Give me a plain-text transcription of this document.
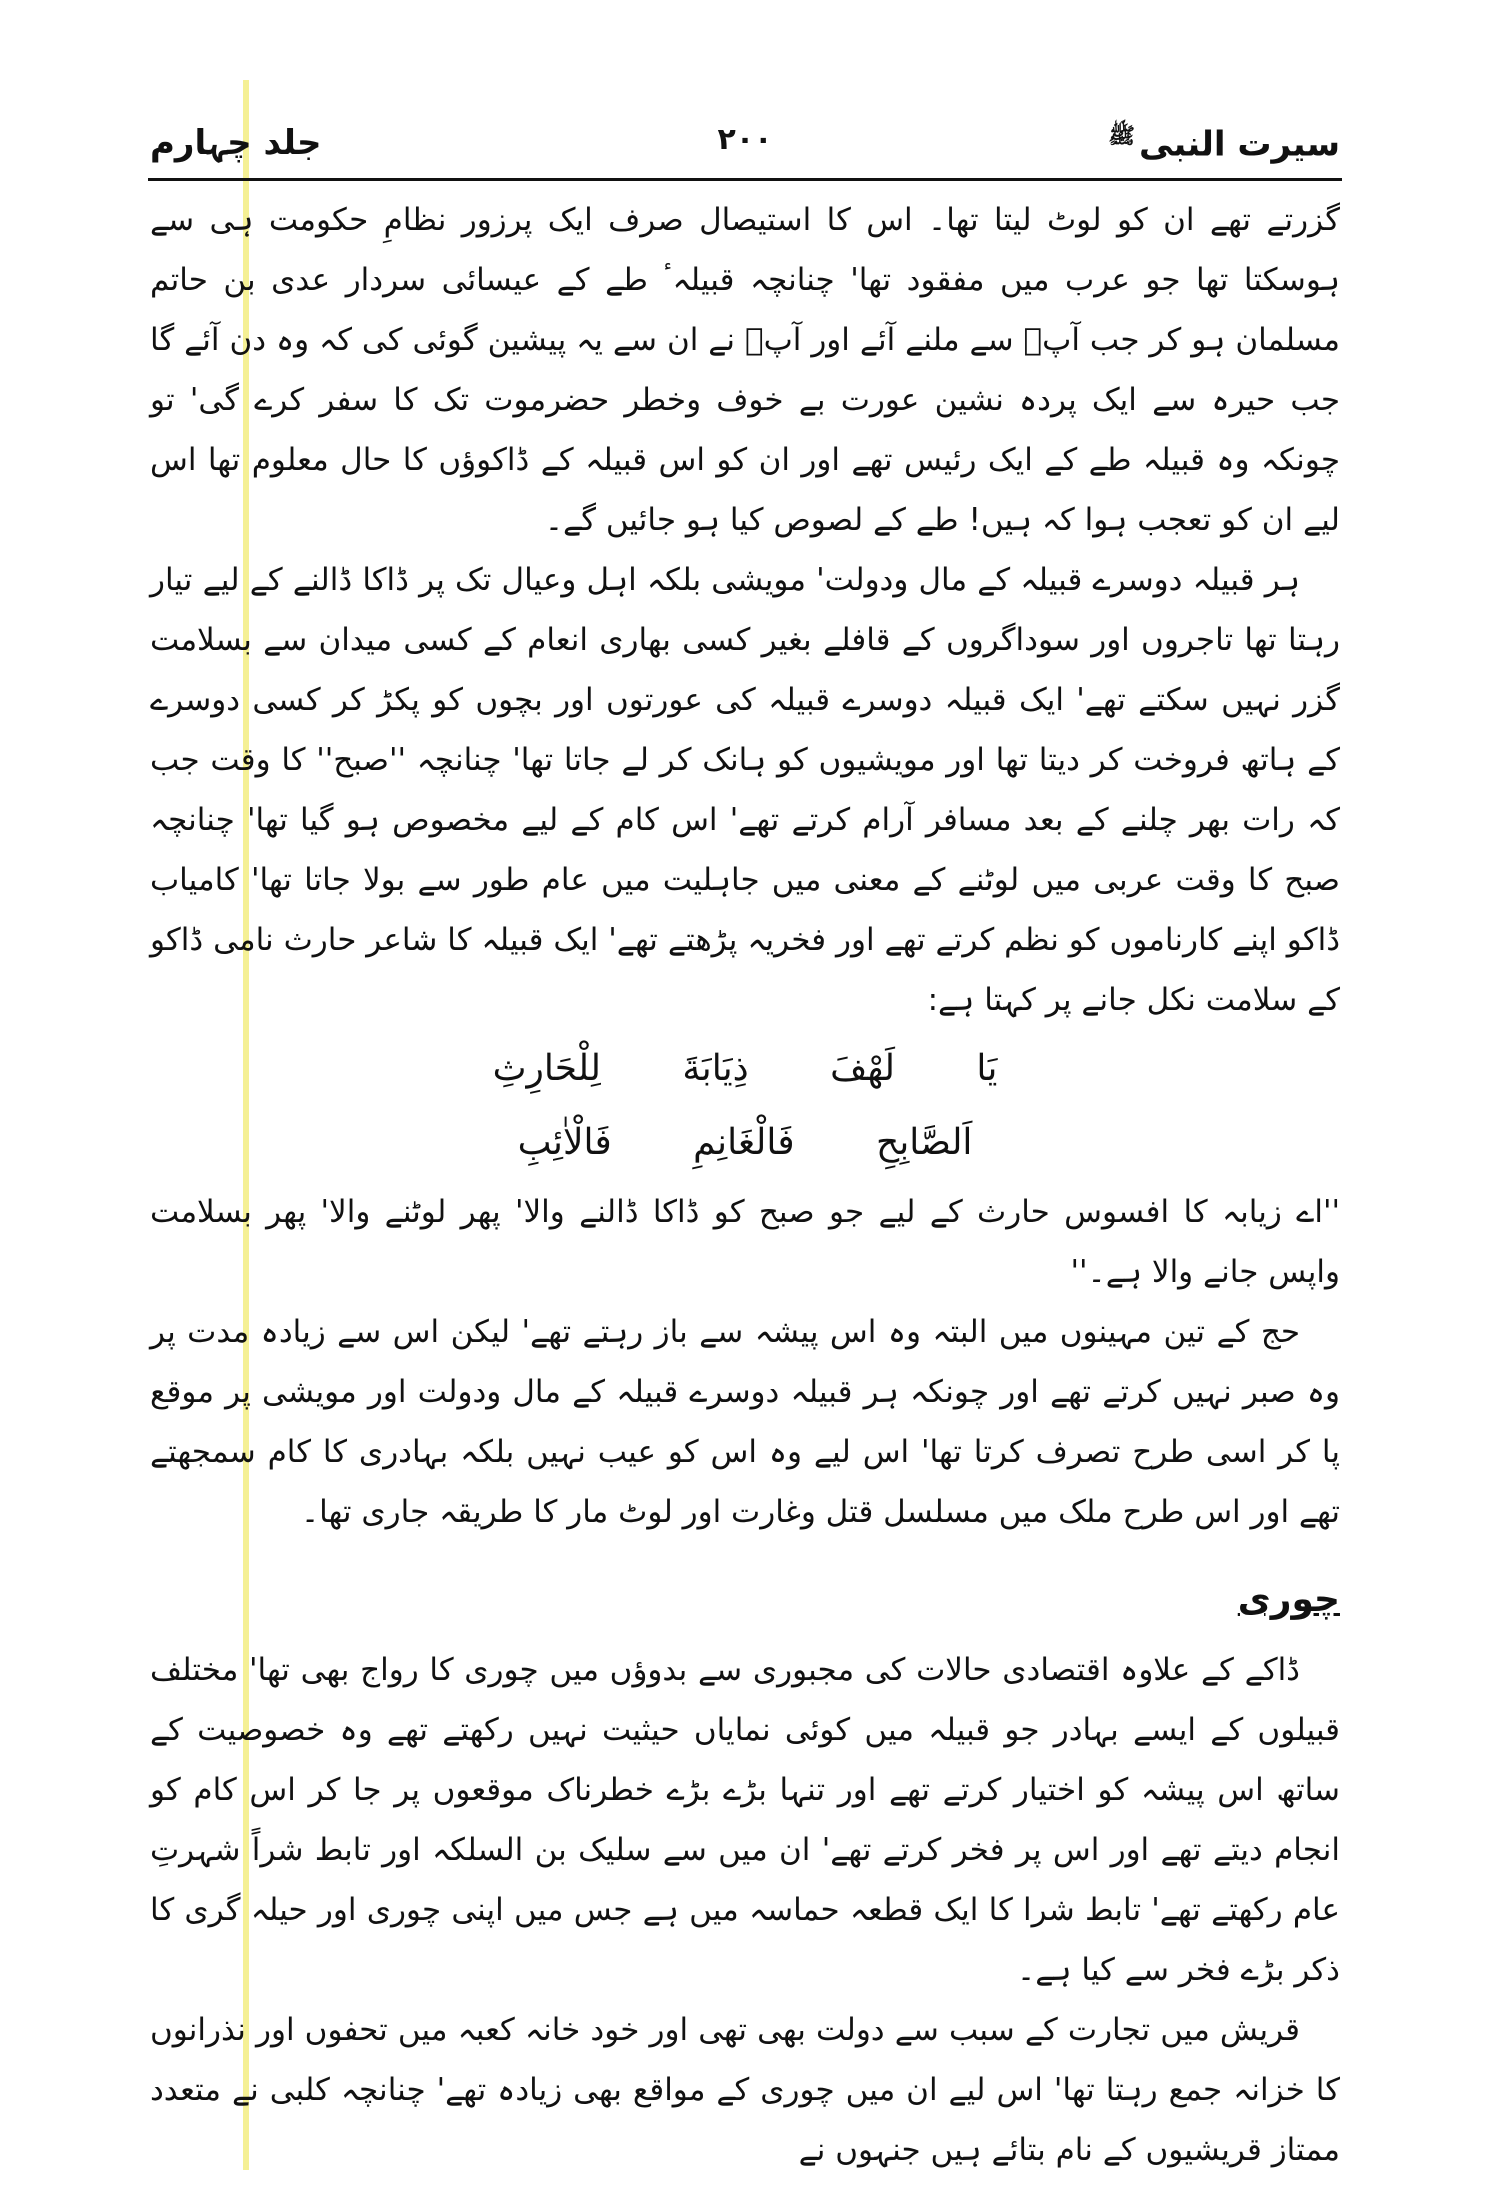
سیرت النبی$^ﷺ$
۲۰۰
جلد چہارم

گزرتے تھے ان کو لوٹ لیتا تھا۔ اس کا استیصال صرف ایک پرزور نظامِ حکومت ہی سے ہوسکتا تھا جو عرب میں مفقود تھا' چنانچہ قبیلہٴ طے کے عیسائی سردار عدی بن حاتم مسلمان ہو کر جب آپؐ سے ملنے آئے اور آپؐ نے ان سے یہ پیشین گوئی کی کہ وہ دن آئے گا جب حیرہ سے ایک پردہ نشین عورت بے خوف وخطر حضرموت تک کا سفر کرے گی' تو چونکہ وہ قبیلہ طے کے ایک رئیس تھے اور ان کو اس قبیلہ کے ڈاکوؤں کا حال معلوم تھا اس لیے ان کو تعجب ہوا کہ ہیں! طے کے لصوص کیا ہو جائیں گے۔

ہر قبیلہ دوسرے قبیلہ کے مال ودولت' مویشی بلکہ اہل وعیال تک پر ڈاکا ڈالنے کے لیے تیار رہتا تھا تاجروں اور سوداگروں کے قافلے بغیر کسی بھاری انعام کے کسی میدان سے بسلامت گزر نہیں سکتے تھے' ایک قبیلہ دوسرے قبیلہ کی عورتوں اور بچوں کو پکڑ کر کسی دوسرے کے ہاتھ فروخت کر دیتا تھا اور مویشیوں کو ہانک کر لے جاتا تھا' چنانچہ ''صبح'' کا وقت جب کہ رات بھر چلنے کے بعد مسافر آرام کرتے تھے' اس کام کے لیے مخصوص ہو گیا تھا' چنانچہ صبح کا وقت عربی میں لوٹنے کے معنی میں جاہلیت میں عام طور سے بولا جاتا تھا' کامیاب ڈاکو اپنے کارناموں کو نظم کرتے تھے اور فخریہ پڑھتے تھے' ایک قبیلہ کا شاعر حارث نامی ڈاکو کے سلامت نکل جانے پر کہتا ہے:

یَا لَهْفَ ذِيَابَةَ لِلْحَارِثِ
اَلصَّابِحِ فَالْغَانِمِ فَالْاٰئِبِ

''اے زیابہ کا افسوس حارث کے لیے جو صبح کو ڈاکا ڈالنے والا' پھر لوٹنے والا' پھر بسلامت واپس جانے والا ہے۔''

حج کے تین مہینوں میں البتہ وہ اس پیشہ سے باز رہتے تھے' لیکن اس سے زیادہ مدت پر وہ صبر نہیں کرتے تھے اور چونکہ ہر قبیلہ دوسرے قبیلہ کے مال ودولت اور مویشی پر موقع پا کر اسی طرح تصرف کرتا تھا' اس لیے وہ اس کو عیب نہیں بلکہ بہادری کا کام سمجھتے تھے اور اس طرح ملک میں مسلسل قتل وغارت اور لوٹ مار کا طریقہ جاری تھا۔

چوری

ڈاکے کے علاوہ اقتصادی حالات کی مجبوری سے بدوؤں میں چوری کا رواج بھی تھا' مختلف قبیلوں کے ایسے بہادر جو قبیلہ میں کوئی نمایاں حیثیت نہیں رکھتے تھے وہ خصوصیت کے ساتھ اس پیشہ کو اختیار کرتے تھے اور تنہا بڑے بڑے خطرناک موقعوں پر جا کر اس کام کو انجام دیتے تھے اور اس پر فخر کرتے تھے' ان میں سے سلیک بن السلکہ اور تابط شراً شہرتِ عام رکھتے تھے' تابط شرا کا ایک قطعہ حماسہ میں ہے جس میں اپنی چوری اور حیلہ گری کا ذکر بڑے فخر سے کیا ہے۔

قریش میں تجارت کے سبب سے دولت بھی تھی اور خود خانہ کعبہ میں تحفوں اور نذرانوں کا خزانہ جمع رہتا تھا' اس لیے ان میں چوری کے مواقع بھی زیادہ تھے' چنانچہ کلبی نے متعدد ممتاز قریشیوں کے نام بتائے ہیں جنہوں نے
